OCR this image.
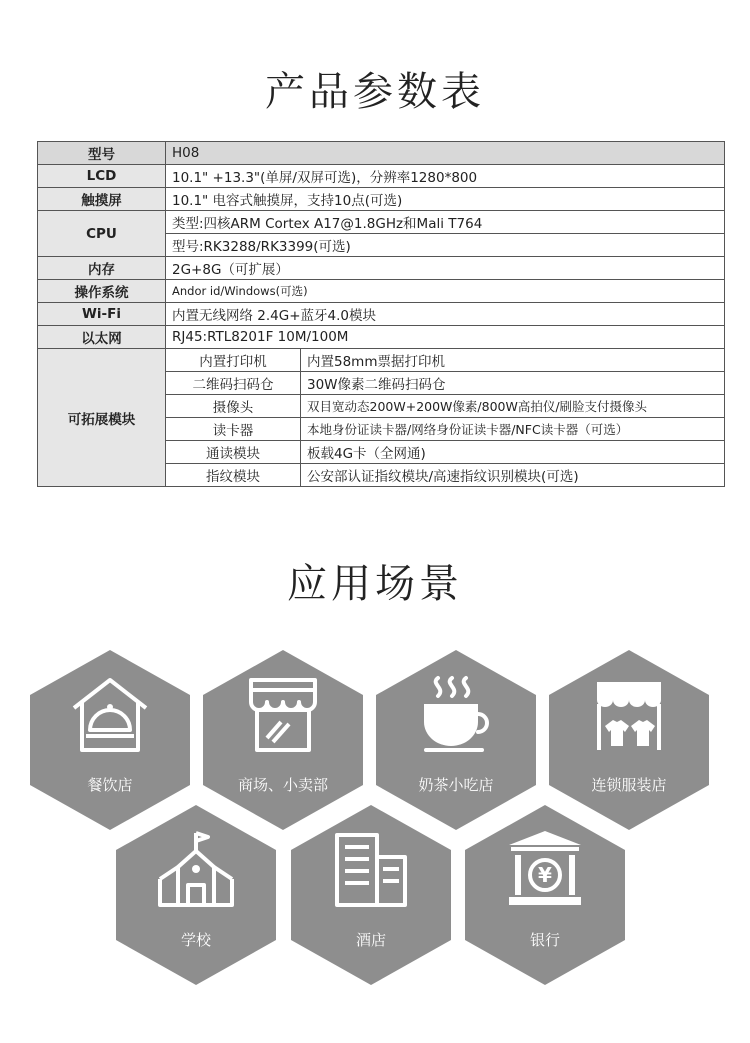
产品参数表
型号	H08	
LCD	10.1" +13.3"(单屏/双屏可选)，分辨率1280*800	
触摸屏	10.1" 电容式触摸屏，支持10点(可选)	
CPU	类型:四核ARM Cortex A17@1.8GHz和Mali T764	
	型号:RK3288/RK3399(可选)	
内存	2G+8G（可扩展）	
操作系统	Andor id/Windows(可选)	
Wi-Fi	内置无线网络 2.4G+蓝牙4.0模块	
以太网	RJ45:RTL8201F 10M/100M	
可拓展模块	内置打印机	内置58mm票据打印机
	二维码扫码仓	30W像素二维码扫码仓
	摄像头	双目宽动态200W+200W像素/800W高拍仪/刷脸支付摄像头
	读卡器	本地身份证读卡器/网络身份证读卡器/NFC读卡器（可选）
	通读模块	板载4G卡（全网通)
	指纹模块	公安部认证指纹模块/高速指纹识别模块(可选)
应用场景
餐饮店	商场、小卖部	奶茶小吃店	连锁服装店
学校	酒店
¥
银行
